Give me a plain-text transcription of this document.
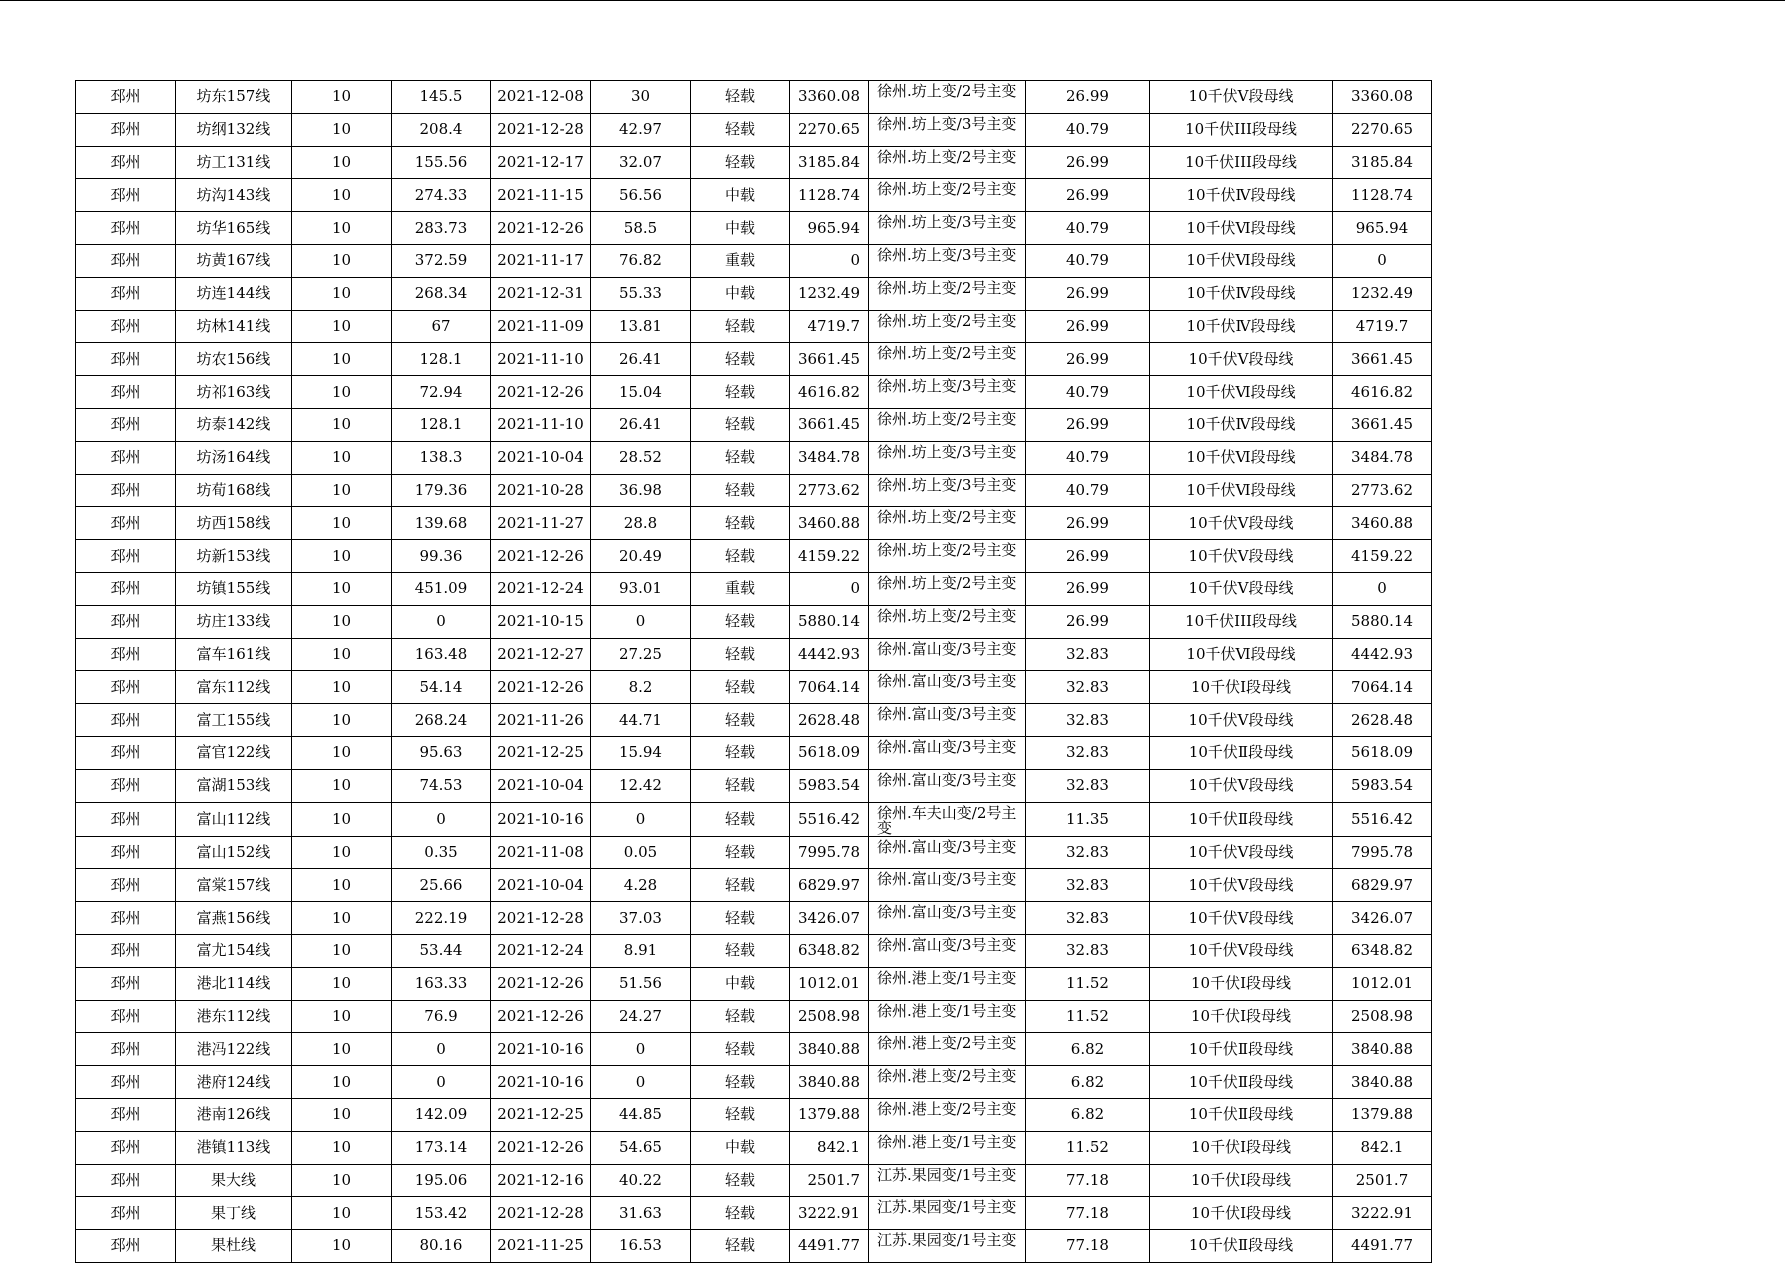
邳州	坊东157线	10	145.5	2021-12-08	30	轻载	3360.08	徐州.坊上变/2号主变	26.99	10千伏Ⅴ段母线	3360.08
邳州	坊纲132线	10	208.4	2021-12-28	42.97	轻载	2270.65	徐州.坊上变/3号主变	40.79	10千伏III段母线	2270.65
邳州	坊工131线	10	155.56	2021-12-17	32.07	轻载	3185.84	徐州.坊上变/2号主变	26.99	10千伏III段母线	3185.84
邳州	坊沟143线	10	274.33	2021-11-15	56.56	中载	1128.74	徐州.坊上变/2号主变	26.99	10千伏Ⅳ段母线	1128.74
邳州	坊华165线	10	283.73	2021-12-26	58.5	中载	965.94	徐州.坊上变/3号主变	40.79	10千伏Ⅵ段母线	965.94
邳州	坊黄167线	10	372.59	2021-11-17	76.82	重载	0	徐州.坊上变/3号主变	40.79	10千伏Ⅵ段母线	0
邳州	坊连144线	10	268.34	2021-12-31	55.33	中载	1232.49	徐州.坊上变/2号主变	26.99	10千伏Ⅳ段母线	1232.49
邳州	坊林141线	10	67	2021-11-09	13.81	轻载	4719.7	徐州.坊上变/2号主变	26.99	10千伏Ⅳ段母线	4719.7
邳州	坊农156线	10	128.1	2021-11-10	26.41	轻载	3661.45	徐州.坊上变/2号主变	26.99	10千伏Ⅴ段母线	3661.45
邳州	坊祁163线	10	72.94	2021-12-26	15.04	轻载	4616.82	徐州.坊上变/3号主变	40.79	10千伏Ⅵ段母线	4616.82
邳州	坊泰142线	10	128.1	2021-11-10	26.41	轻载	3661.45	徐州.坊上变/2号主变	26.99	10千伏Ⅳ段母线	3661.45
邳州	坊汤164线	10	138.3	2021-10-04	28.52	轻载	3484.78	徐州.坊上变/3号主变	40.79	10千伏Ⅵ段母线	3484.78
邳州	坊荀168线	10	179.36	2021-10-28	36.98	轻载	2773.62	徐州.坊上变/3号主变	40.79	10千伏Ⅵ段母线	2773.62
邳州	坊西158线	10	139.68	2021-11-27	28.8	轻载	3460.88	徐州.坊上变/2号主变	26.99	10千伏Ⅴ段母线	3460.88
邳州	坊新153线	10	99.36	2021-12-26	20.49	轻载	4159.22	徐州.坊上变/2号主变	26.99	10千伏Ⅴ段母线	4159.22
邳州	坊镇155线	10	451.09	2021-12-24	93.01	重载	0	徐州.坊上变/2号主变	26.99	10千伏Ⅴ段母线	0
邳州	坊庄133线	10	0	2021-10-15	0	轻载	5880.14	徐州.坊上变/2号主变	26.99	10千伏III段母线	5880.14
邳州	富车161线	10	163.48	2021-12-27	27.25	轻载	4442.93	徐州.富山变/3号主变	32.83	10千伏Ⅵ段母线	4442.93
邳州	富东112线	10	54.14	2021-12-26	8.2	轻载	7064.14	徐州.富山变/3号主变	32.83	10千伏Ⅰ段母线	7064.14
邳州	富工155线	10	268.24	2021-11-26	44.71	轻载	2628.48	徐州.富山变/3号主变	32.83	10千伏Ⅴ段母线	2628.48
邳州	富官122线	10	95.63	2021-12-25	15.94	轻载	5618.09	徐州.富山变/3号主变	32.83	10千伏Ⅱ段母线	5618.09
邳州	富湖153线	10	74.53	2021-10-04	12.42	轻载	5983.54	徐州.富山变/3号主变	32.83	10千伏Ⅴ段母线	5983.54
邳州	富山112线	10	0	2021-10-16	0	轻载	5516.42	徐州.车夫山变/2号主变	11.35	10千伏Ⅱ段母线	5516.42
邳州	富山152线	10	0.35	2021-11-08	0.05	轻载	7995.78	徐州.富山变/3号主变	32.83	10千伏Ⅴ段母线	7995.78
邳州	富棠157线	10	25.66	2021-10-04	4.28	轻载	6829.97	徐州.富山变/3号主变	32.83	10千伏Ⅴ段母线	6829.97
邳州	富燕156线	10	222.19	2021-12-28	37.03	轻载	3426.07	徐州.富山变/3号主变	32.83	10千伏Ⅴ段母线	3426.07
邳州	富尤154线	10	53.44	2021-12-24	8.91	轻载	6348.82	徐州.富山变/3号主变	32.83	10千伏Ⅴ段母线	6348.82
邳州	港北114线	10	163.33	2021-12-26	51.56	中载	1012.01	徐州.港上变/1号主变	11.52	10千伏Ⅰ段母线	1012.01
邳州	港东112线	10	76.9	2021-12-26	24.27	轻载	2508.98	徐州.港上变/1号主变	11.52	10千伏Ⅰ段母线	2508.98
邳州	港冯122线	10	0	2021-10-16	0	轻载	3840.88	徐州.港上变/2号主变	6.82	10千伏Ⅱ段母线	3840.88
邳州	港府124线	10	0	2021-10-16	0	轻载	3840.88	徐州.港上变/2号主变	6.82	10千伏Ⅱ段母线	3840.88
邳州	港南126线	10	142.09	2021-12-25	44.85	轻载	1379.88	徐州.港上变/2号主变	6.82	10千伏Ⅱ段母线	1379.88
邳州	港镇113线	10	173.14	2021-12-26	54.65	中载	842.1	徐州.港上变/1号主变	11.52	10千伏Ⅰ段母线	842.1
邳州	果大线	10	195.06	2021-12-16	40.22	轻载	2501.7	江苏.果园变/1号主变	77.18	10千伏Ⅰ段母线	2501.7
邳州	果丁线	10	153.42	2021-12-28	31.63	轻载	3222.91	江苏.果园变/1号主变	77.18	10千伏Ⅰ段母线	3222.91
邳州	果杜线	10	80.16	2021-11-25	16.53	轻载	4491.77	江苏.果园变/1号主变	77.18	10千伏Ⅱ段母线	4491.77
